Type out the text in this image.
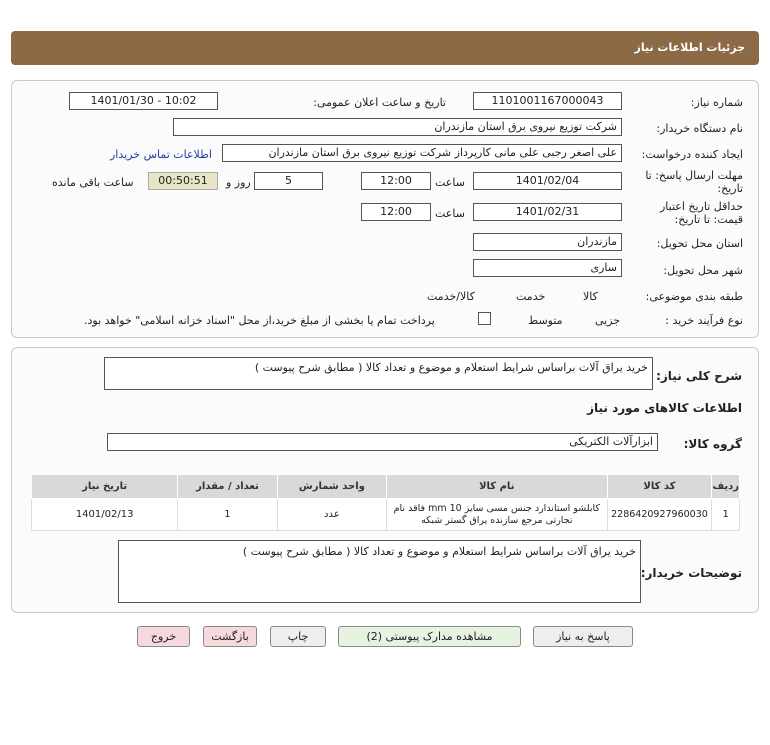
جزئیات اطلاعات نیاز
شماره نیاز:
1101001167000043
تاریخ و ساعت اعلان عمومی:
1401/01/30 - 10:02
نام دستگاه خریدار:
شرکت توزیع نیروی برق استان مازندران
ایجاد کننده درخواست:
علی اصغر رجبی علی مانی کارپرداز شرکت توزیع نیروی برق استان مازندران
اطلاعات تماس خریدار
مهلت ارسال پاسخ: تا
تاریخ:
1401/02/04
ساعت
12:00
5
روز و
00:50:51
ساعت باقی مانده
حداقل تاریخ اعتبار
قیمت: تا تاریخ:
1401/02/31
ساعت
12:00
استان محل تحویل:
مازندران
شهر محل تحویل:
ساری
طبقه بندی موضوعی:

کالا

خدمت

کالا/خدمت
نوع فرآیند خرید :

جزیی
متوسط
پرداخت تمام یا بخشی از مبلغ خرید،از محل "اسناد خزانه اسلامی" خواهد بود.
شرح کلی نیاز:
خرید یراق آلات براساس شرایط استعلام و موضوع و تعداد کالا ( مطابق شرح پیوست )
اطلاعات کالاهای مورد نیاز
گروه کالا:
ابزارآلات الکتریکی
ردیف	کد کالا	نام کالا	واحد شمارش	تعداد / مقدار	تاریخ نیاز
1	2286420927960030	کابلشو استاندارد جنس مسی سایز mm 10 فاقد نام تجارتی مرجع سازنده یراق گستر شبکه	عدد	1	1401/02/13
توضیحات خریدار:
خرید یراق آلات براساس شرایط استعلام و موضوع و تعداد کالا ( مطابق شرح پیوست )
پاسخ به نیاز
مشاهده مدارک پیوستی (2)
چاپ
بازگشت
خروج
